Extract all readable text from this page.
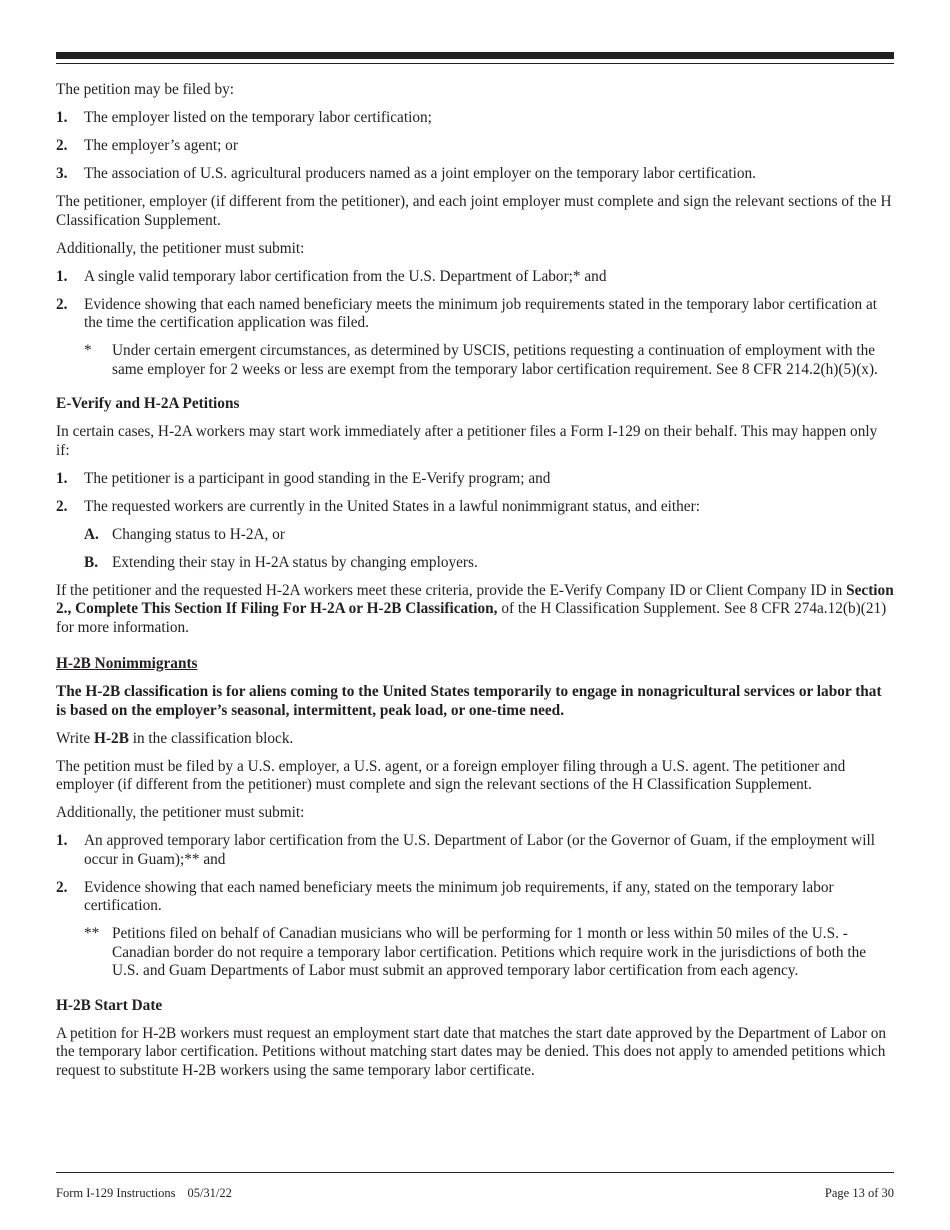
The petition may be filed by:

1.	The employer listed on the temporary labor certification;
2.	The employer’s agent; or
3.	The association of U.S. agricultural producers named as a joint employer on the temporary labor certification.

The petitioner, employer (if different from the petitioner), and each joint employer must complete and sign the relevant sections of the H Classification Supplement.

Additionally, the petitioner must submit:

1.	A single valid temporary labor certification from the U.S. Department of Labor;* and
2.	Evidence showing that each named beneficiary meets the minimum job requirements stated in the temporary labor certification at the time the certification application was filed.
*	Under certain emergent circumstances, as determined by USCIS, petitions requesting a continuation of employment with the same employer for 2 weeks or less are exempt from the temporary labor certification requirement. See 8 CFR 214.2(h)(5)(x).

E-Verify and H-2A Petitions

In certain cases, H-2A workers may start work immediately after a petitioner files a Form I-129 on their behalf. This may happen only if:

1.	The petitioner is a participant in good standing in the E-Verify program; and
2.	The requested workers are currently in the United States in a lawful nonimmigrant status, and either:
A. Changing status to H-2A, or
B. Extending their stay in H-2A status by changing employers.

If the petitioner and the requested H-2A workers meet these criteria, provide the E-Verify Company ID or Client Company ID in Section 2., Complete This Section If Filing For H-2A or H-2B Classification, of the H Classification Supplement. See 8 CFR 274a.12(b)(21) for more information.

H-2B Nonimmigrants

The H-2B classification is for aliens coming to the United States temporarily to engage in nonagricultural services or labor that is based on the employer’s seasonal, intermittent, peak load, or one-time need.

Write H-2B in the classification block.

The petition must be filed by a U.S. employer, a U.S. agent, or a foreign employer filing through a U.S. agent. The petitioner and employer (if different from the petitioner) must complete and sign the relevant sections of the H Classification Supplement.

Additionally, the petitioner must submit:

1.	An approved temporary labor certification from the U.S. Department of Labor (or the Governor of Guam, if the employment will occur in Guam);** and
2.	Evidence showing that each named beneficiary meets the minimum job requirements, if any, stated on the temporary labor certification.
** Petitions filed on behalf of Canadian musicians who will be performing for 1 month or less within 50 miles of the U.S. - Canadian border do not require a temporary labor certification. Petitions which require work in the jurisdictions of both the U.S. and Guam Departments of Labor must submit an approved temporary labor certification from each agency.

H-2B Start Date

A petition for H-2B workers must request an employment start date that matches the start date approved by the Department of Labor on the temporary labor certification. Petitions without matching start dates may be denied. This does not apply to amended petitions which request to substitute H-2B workers using the same temporary labor certificate.

Form I-129 Instructions 05/31/22	Page 13 of 30
